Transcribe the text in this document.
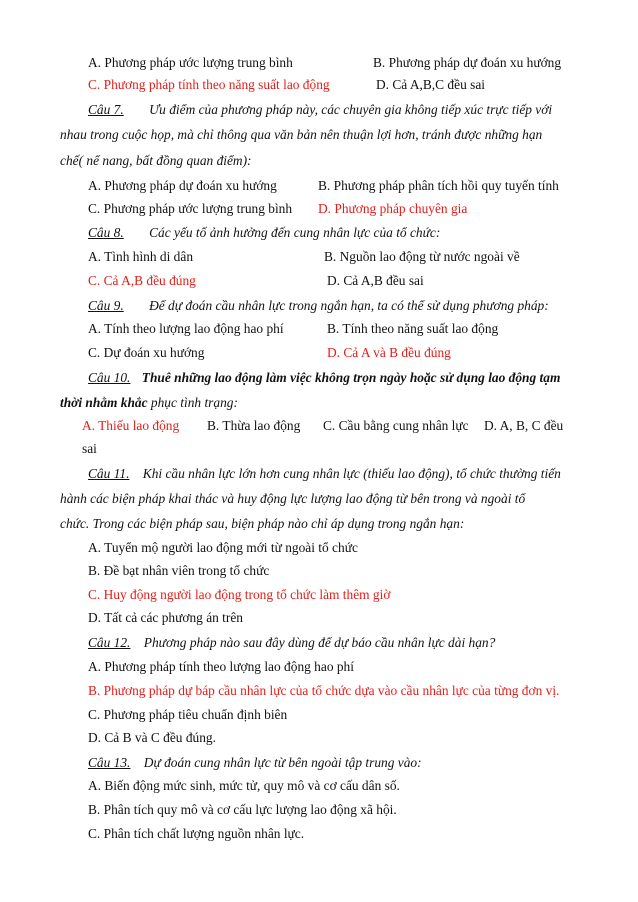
A. Phương pháp ước lượng trung bình	B. Phương pháp dự đoán xu hướng
C. Phương pháp tính theo năng suất lao động	D. Cả A,B,C đều sai
Câu 7. Ưu điểm của phương pháp này, các chuyên gia không tiếp xúc trực tiếp với
nhau trong cuộc họp, mà chỉ thông qua văn bản nên thuận lợi hơn, tránh được những hạn
chế( nể nang, bất đồng quan điểm):
A. Phương pháp dự đoán xu hướng	B. Phương pháp phân tích hồi quy tuyến tính
C. Phương pháp ước lượng trung bình D. Phương pháp chuyên gia
Câu 8. Các yếu tố ảnh hưởng đến cung nhân lực của tổ chức:
A. Tình hình di dân	B. Nguồn lao động từ nước ngoài về
C. Cả A,B đều đúng	D. Cả A,B đều sai
Câu 9. Để dự đoán cầu nhân lực trong ngắn hạn, ta có thể sử dụng phương pháp:
A. Tính theo lượng lao động hao phí	B. Tính theo năng suất lao động
C. Dự đoán xu hướng	D. Cả A và B đều đúng
Câu 10. Thuê những lao động làm việc không trọn ngày hoặc sử dụng lao động tạm
thời nhằm khắc phục tình trạng:
A. Thiếu lao động B. Thừa lao động C. Cầu bằng cung nhân lực D. A, B, C đều
sai
Câu 11. Khi cầu nhân lực lớn hơn cung nhân lực (thiếu lao động), tổ chức thường tiến
hành các biện pháp khai thác và huy động lực lượng lao động từ bên trong và ngoài tổ
chức. Trong các biện pháp sau, biện pháp nào chỉ áp dụng trong ngắn hạn:
A. Tuyển mộ người lao động mới từ ngoài tổ chức
B. Đề bạt nhân viên trong tổ chức
C. Huy động người lao động trong tổ chức làm thêm giờ
D. Tất cả các phương án trên
Câu 12. Phương pháp nào sau đây dùng để dự báo cầu nhân lực dài hạn?
A. Phương pháp tính theo lượng lao động hao phí
B. Phương pháp dự báp cầu nhân lực của tổ chức dựa vào cầu nhân lực của từng đơn vị.
C. Phương pháp tiêu chuẩn định biên
D. Cả B và C đều đúng.
Câu 13. Dự đoán cung nhân lực từ bên ngoài tập trung vào:
A. Biến động mức sinh, mức tử, quy mô và cơ cấu dân số.
B. Phân tích quy mô và cơ cấu lực lượng lao động xã hội.
C. Phân tích chất lượng nguồn nhân lực.
